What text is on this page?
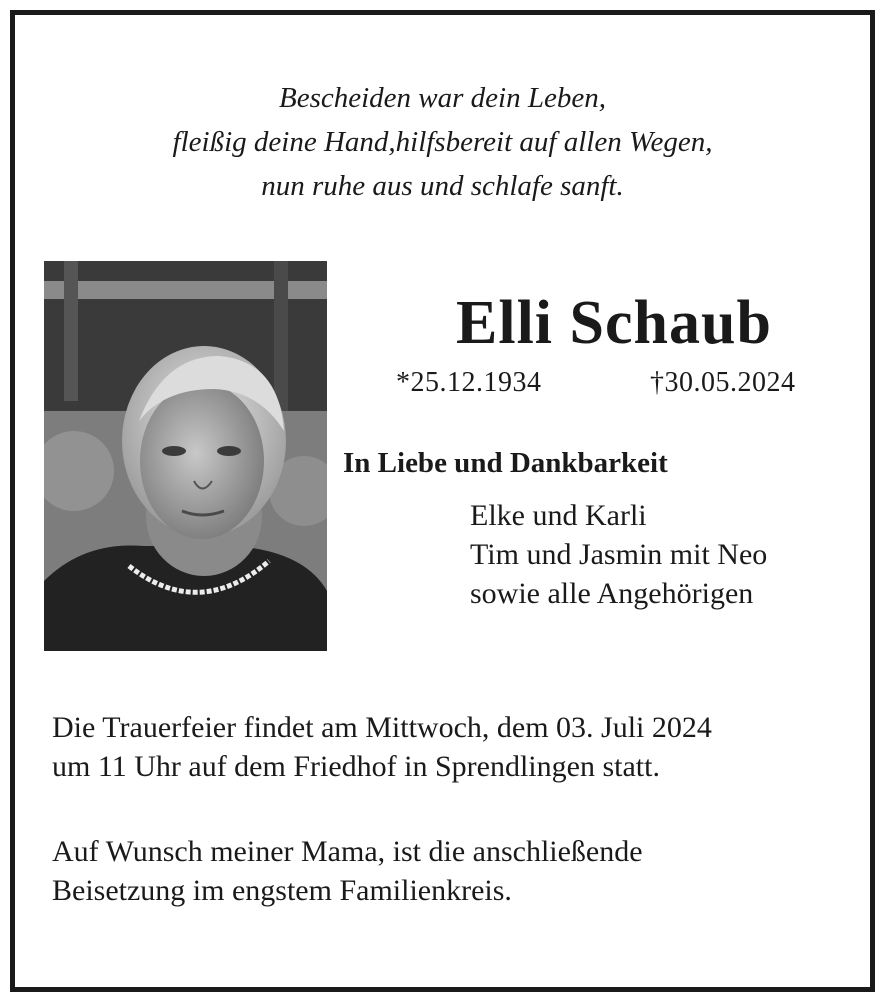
Bescheiden war dein Leben,
fleißig deine Hand,hilfsbereit auf allen Wegen,
nun ruhe aus und schlafe sanft.
Elli Schaub
*25.12.1934	†30.05.2024
In Liebe und Dankbarkeit
Elke und Karli
Tim und Jasmin mit Neo
sowie alle Angehörigen
Die Trauerfeier findet am Mittwoch, dem 03. Juli 2024
um 11 Uhr auf dem Friedhof in Sprendlingen statt.
Auf Wunsch meiner Mama, ist die anschließende
Beisetzung im engstem Familienkreis.
